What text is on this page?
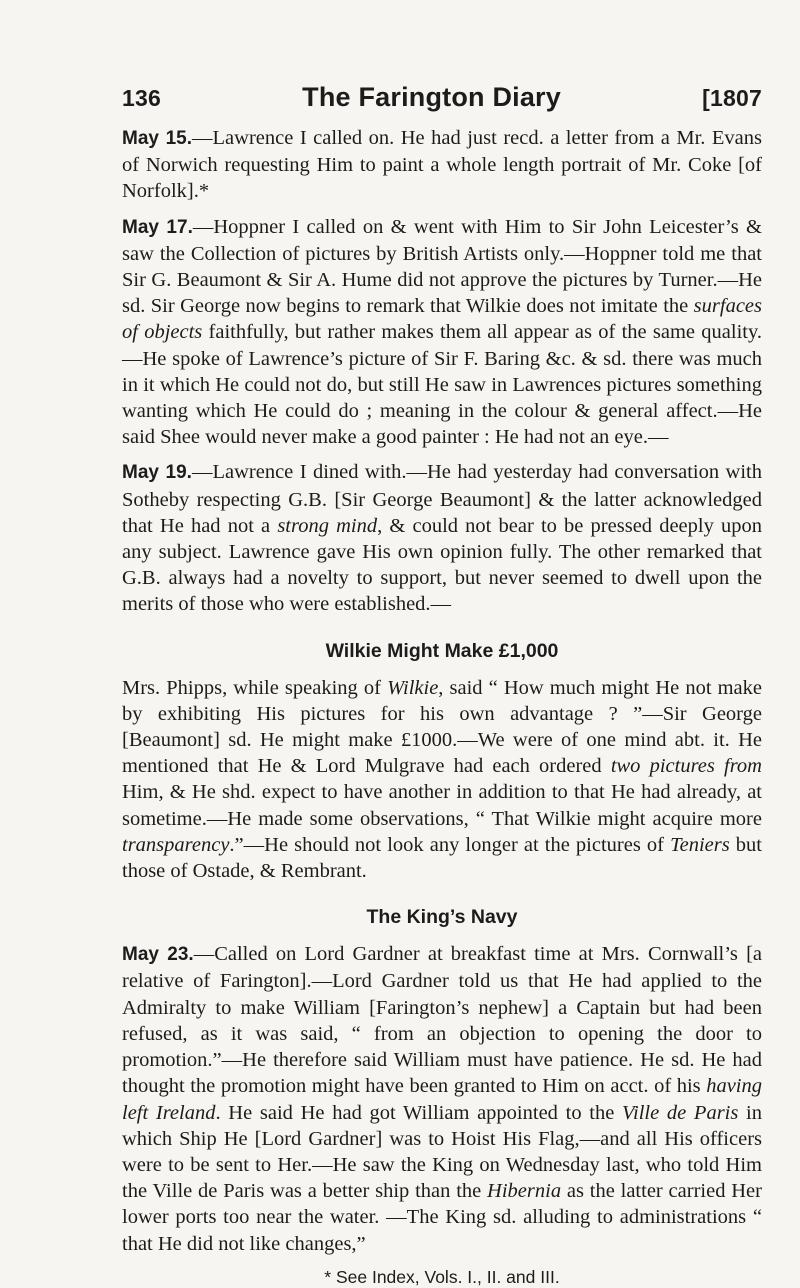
136	The Farington Diary	[1807

May 15.—Lawrence I called on. He had just recd. a letter from a Mr. Evans of Norwich requesting Him to paint a whole length portrait of Mr. Coke [of Norfolk].*

May 17.—Hoppner I called on & went with Him to Sir John Leicester’s & saw the Collection of pictures by British Artists only.—Hoppner told me that Sir G. Beaumont & Sir A. Hume did not approve the pictures by Turner.—He sd. Sir George now begins to remark that Wilkie does not imitate the surfaces of objects faithfully, but rather makes them all appear as of the same quality.—He spoke of Lawrence’s picture of Sir F. Baring &c. & sd. there was much in it which He could not do, but still He saw in Lawrences pictures something wanting which He could do ; meaning in the colour & general affect.—He said Shee would never make a good painter : He had not an eye.—

May 19.—Lawrence I dined with.—He had yesterday had conversation with Sotheby respecting G.B. [Sir George Beaumont] & the latter acknowledged that He had not a strong mind, & could not bear to be pressed deeply upon any subject. Lawrence gave His own opinion fully. The other remarked that G.B. always had a novelty to support, but never seemed to dwell upon the merits of those who were established.—

Wilkie Might Make £1,000

Mrs. Phipps, while speaking of Wilkie, said “ How much might He not make by exhibiting His pictures for his own advantage ? ”—Sir George [Beaumont] sd. He might make £1000.—We were of one mind abt. it. He mentioned that He & Lord Mulgrave had each ordered two pictures from Him, & He shd. expect to have another in addition to that He had already, at sometime.—He made some observations, “ That Wilkie might acquire more transparency.”—He should not look any longer at the pictures of Teniers but those of Ostade, & Rembrant.

The King’s Navy

May 23.—Called on Lord Gardner at breakfast time at Mrs. Cornwall’s [a relative of Farington].—Lord Gardner told us that He had applied to the Admiralty to make William [Farington’s nephew] a Captain but had been refused, as it was said, “ from an objection to opening the door to promotion.”—He therefore said William must have patience. He sd. He had thought the promotion might have been granted to Him on acct. of his having left Ireland. He said He had got William appointed to the Ville de Paris in which Ship He [Lord Gardner] was to Hoist His Flag,—and all His officers were to be sent to Her.—He saw the King on Wednesday last, who told Him the Ville de Paris was a better ship than the Hibernia as the latter carried Her lower ports too near the water. —The King sd. alluding to administrations “ that He did not like changes,”

* See Index, Vols. I., II. and III.
